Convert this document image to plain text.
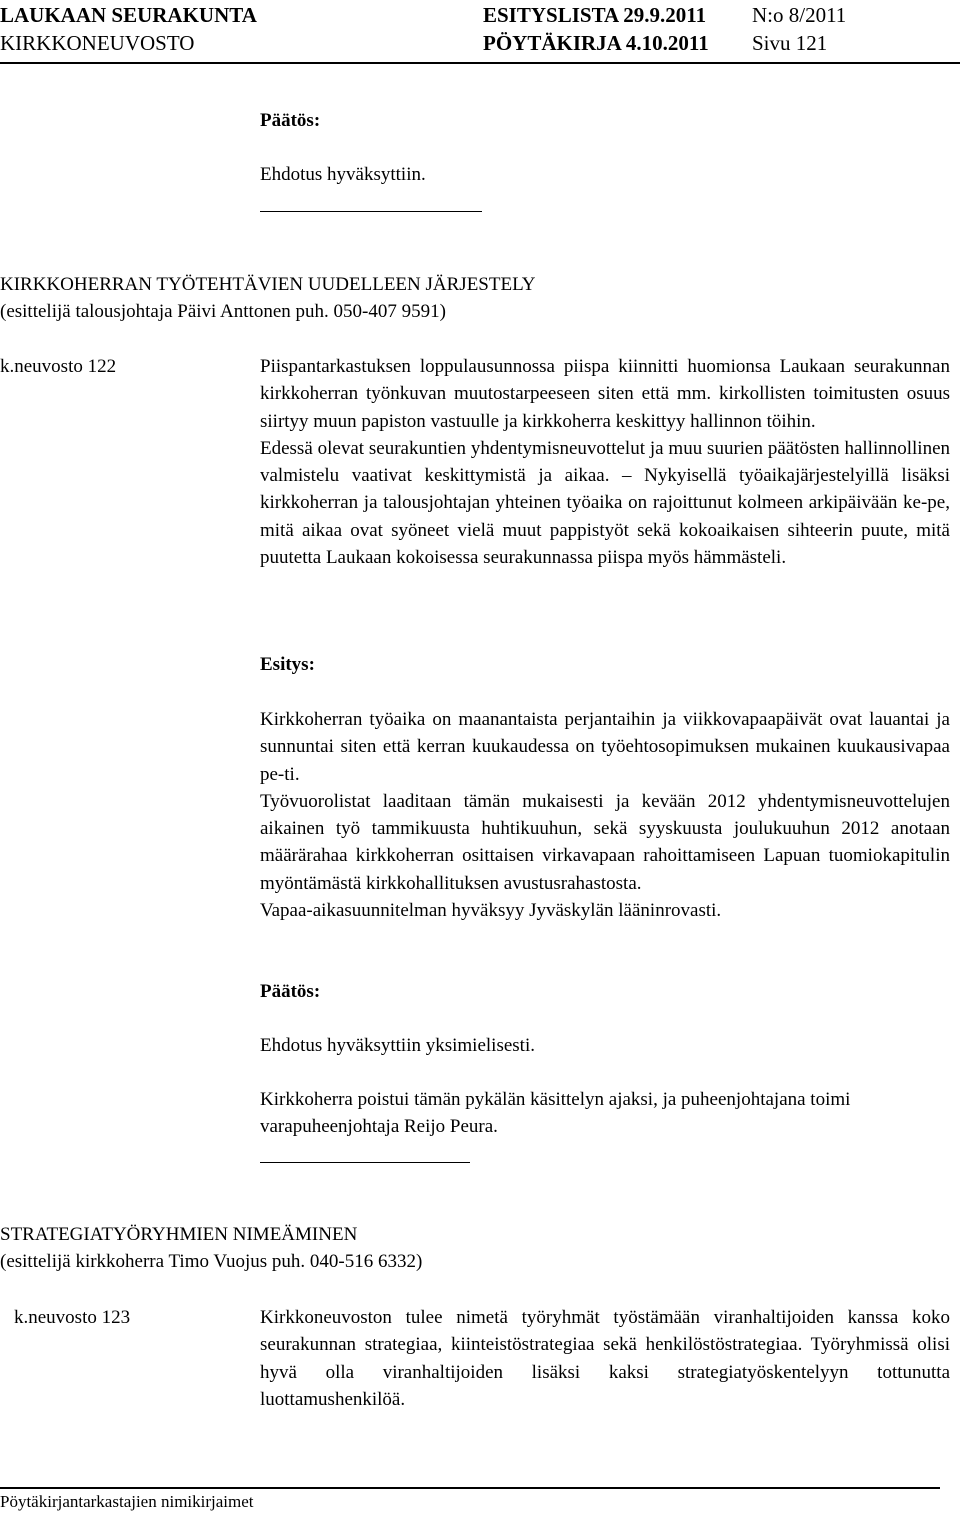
LAUKAAN SEURAKUNTA	ESITYSLISTA 29.9.2011 N:o 8/2011
KIRKKONEUVOSTO	PÖYTÄKIRJA 4.10.2011 Sivu 121
Päätös:
Ehdotus hyväksyttiin.

KIRKKOHERRAN TYÖTEHTÄVIEN UUDELLEEN JÄRJESTELY

(esittelijä talousjohtaja Päivi Anttonen puh. 050-407 9591)

k.neuvosto 122	Piispantarkastuksen loppulausunnossa piispa kiinnitti huomionsa Laukaan seurakunnan kirkkoherran työnkuvan muutostarpeeseen siten että mm. kirkollisten toimitusten osuus siirtyy muun papiston vastuulle ja kirkkoherra keskittyy hallinnon töihin.

Edessä olevat seurakuntien yhdentymisneuvottelut ja muu suurien päätösten hallinnollinen valmistelu vaativat keskittymistä ja aikaa. – Nykyisellä työaikajärjestelyillä lisäksi kirkkoherran ja talousjohtajan yhteinen työaika on rajoittunut kolmeen arkipäivään ke-pe, mitä aikaa ovat syöneet vielä muut pappistyöt sekä kokoaikaisen sihteerin puute, mitä puutetta Laukaan kokoisessa seurakunnassa piispa myös hämmästeli.

Esitys:

Kirkkoherran työaika on maanantaista perjantaihin ja viikkovapaapäivät ovat lauantai ja sunnuntai siten että kerran kuukaudessa on työehtosopimuksen mukainen kuukausivapaa pe-ti.

Työvuorolistat laaditaan tämän mukaisesti ja kevään 2012 yhdentymisneuvottelujen aikainen työ tammikuusta huhtikuuhun, sekä syyskuusta joulukuuhun 2012 anotaan määrärahaa kirkkoherran osittaisen virkavapaan rahoittamiseen Lapuan tuomiokapitulin myöntämästä kirkkohallituksen avustusrahastosta.

Vapaa-aikasuunnitelman hyväksyy Jyväskylän lääninrovasti.

Päätös:
Ehdotus hyväksyttiin yksimielisesti.
Kirkkoherra poistui tämän pykälän käsittelyn ajaksi, ja puheenjohtajana toimi varapuheenjohtaja Reijo Peura.

STRATEGIATYÖRYHMIEN NIMEÄMINEN

(esittelijä kirkkoherra Timo Vuojus puh. 040-516 6332)

k.neuvosto 123	Kirkkoneuvoston tulee nimetä työryhmät työstämään viranhaltijoiden kanssa koko seurakunnan strategiaa, kiinteistöstrategiaa sekä henkilöstöstrategiaa. Työryhmissä olisi hyvä olla viranhaltijoiden lisäksi kaksi strategiatyöskentelyyn tottunutta luottamushenkilöä.
Pöytäkirjantarkastajien nimikirjaimet
